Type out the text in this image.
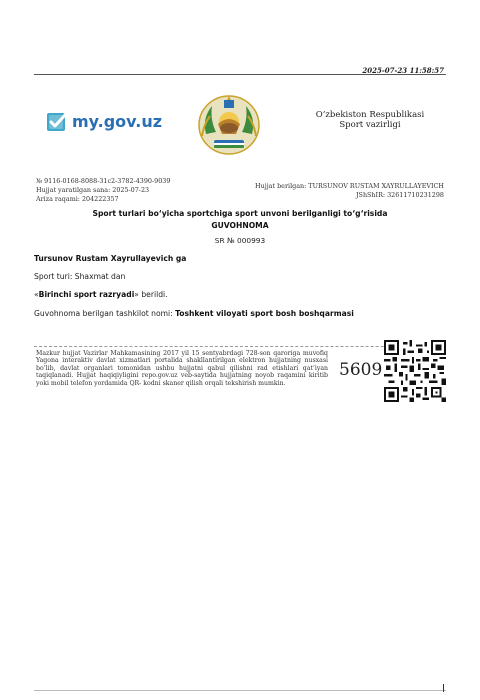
2025-07-23 11:58:57
my.gov.uz	O’zbekiston Respublikasi
Sport vazirligi
№ 9116-0168-8088-31c2-3782-4390-9039
Hujjat yaratilgan sana: 2025-07-23
Ariza raqami: 204222357
Hujjat berilgan: TURSUNOV RUSTAM XAYRULLAYEVICH
JShShIR: 32611710231298
Sport turlari bo‘yicha sportchiga sport unvoni berilganligi to‘g‘risida
GUVOHNOMA
SR № 000993
Tursunov Rustam Xayrullayevich ga
Sport turi: Shaxmat dan
«Birinchi sport razryadi» berildi.
Guvohnoma berilgan tashkilot nomi: Toshkent viloyati sport bosh boshqarmasi
Mazkur hujjat Vazirlar Mahkamasining 2017 yil 15 sentyabrdagi 728-son qaroriga muvofiq Yagona interaktiv davlat xizmatlari portalida shakllantirilgan elektron hujjatning nusxasi bo‘lib, davlat organlari tomonidan ushbu hujjatni qabul qilishni rad etishlari qat’iyan taqiqlanadi. Hujjat haqiqiyligini repo.gov.uz veb-saytida hujjatning noyob raqamini kiritib yoki mobil telefon yordamida QR- kodni skaner qilish orqali tekshirish mumkin.
5609
